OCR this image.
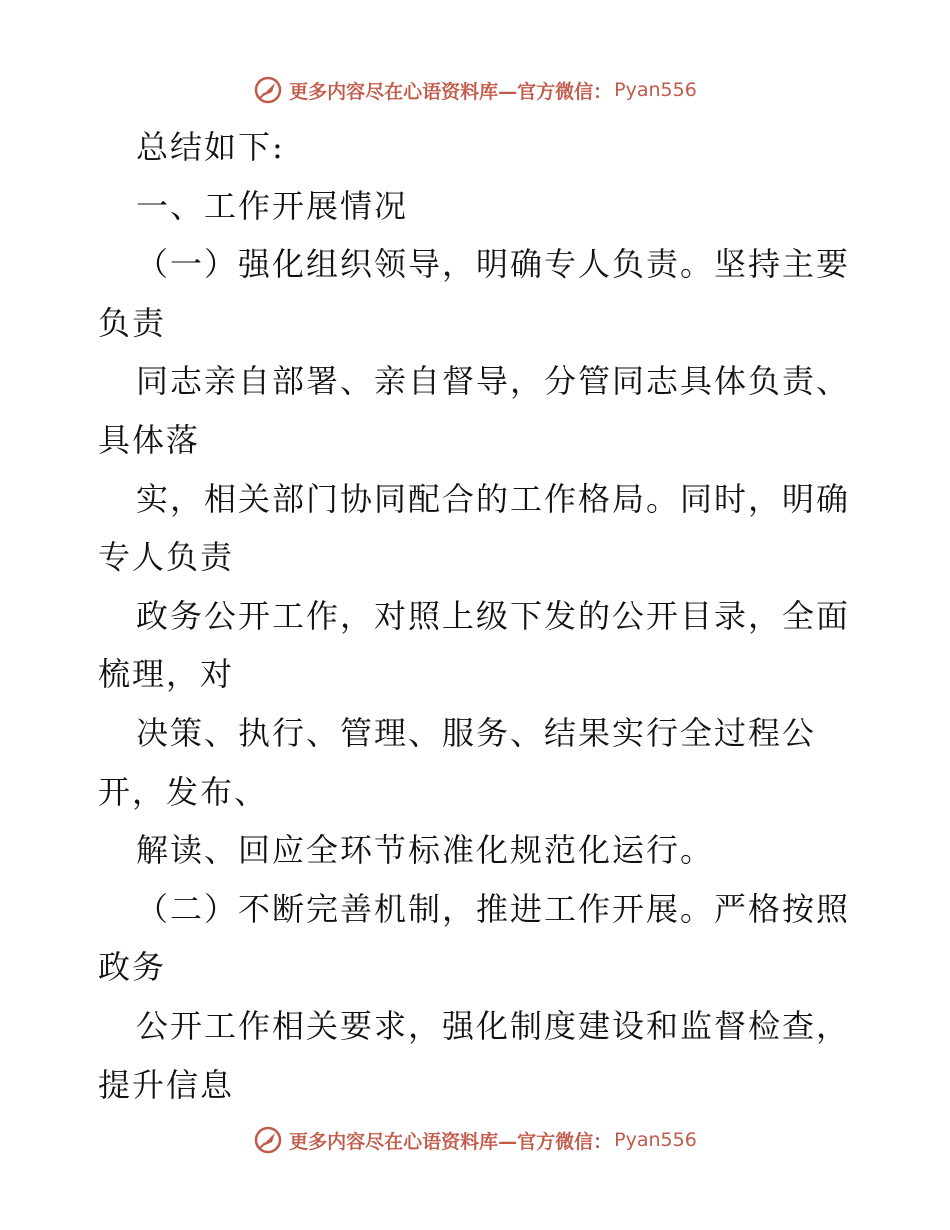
更多内容尽在心语资料库—官方微信： Pyan556
总结如下:
一、工作开展情况
（一）强化组织领导，明确专人负责。坚持主要
负责
同志亲自部署、亲自督导，分管同志具体负责、
具体落
实，相关部门协同配合的工作格局。同时，明确
专人负责
政务公开工作，对照上级下发的公开目录，全面
梳理，对
决策、执行、管理、服务、结果实行全过程公
开，发布、
解读、回应全环节标准化规范化运行。
（二）不断完善机制，推进工作开展。严格按照
政务
公开工作相关要求，强化制度建设和监督检查，
提升信息
更多内容尽在心语资料库—官方微信： Pyan556
